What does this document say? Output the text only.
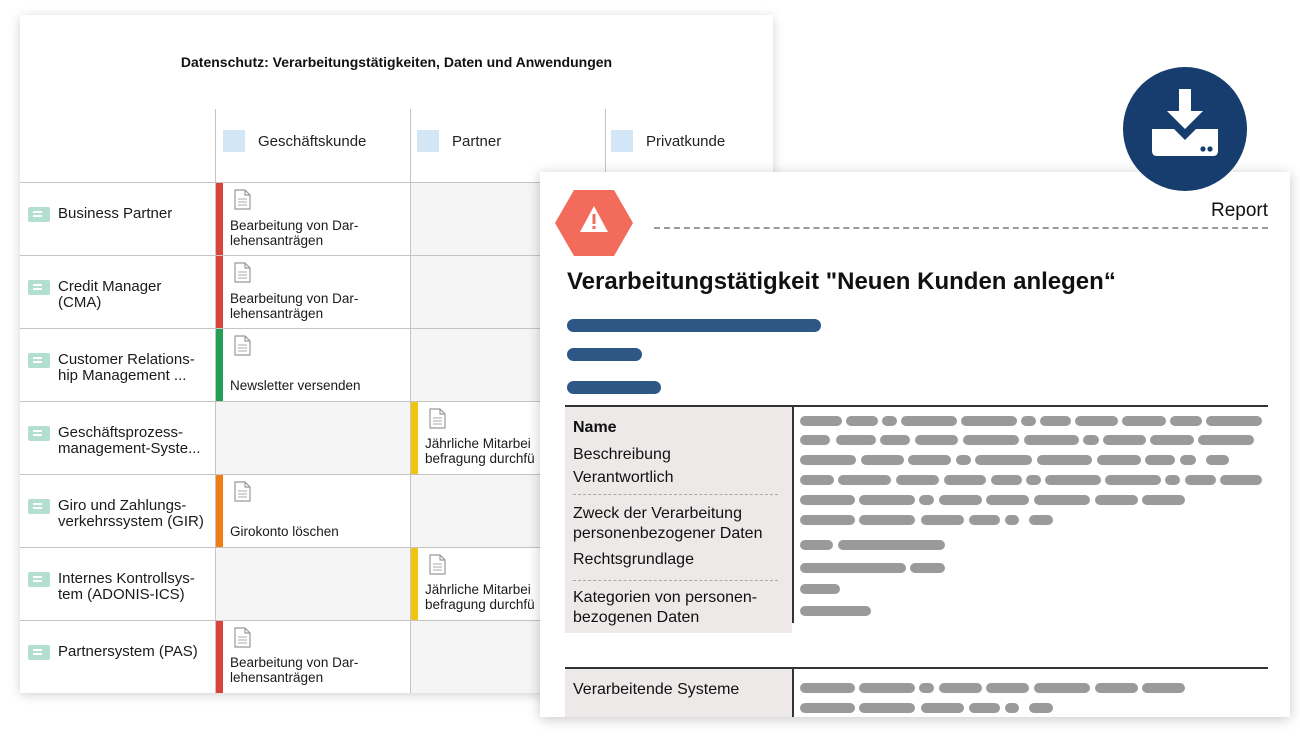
Datenschutz: Verarbeitungstätigkeiten, Daten und Anwendungen
Geschäftskunde	Partner	Privatkunde
Business Partner
Credit Manager
(CMA)
Customer Relations-
hip Management ...
Geschäftsprozess-
management-Syste...
Giro und Zahlungs-
verkehrssystem (GIR)
Internes Kontrollsys-
tem (ADONIS-ICS)
Partnersystem (PAS)
Bearbeitung von Dar-
lehensanträgen
Bearbeitung von Dar-
lehensanträgen
Newsletter versenden
Jährliche Mitarbei
befragung durchfü
Girokonto löschen
Jährliche Mitarbei
befragung durchfü
Bearbeitung von Dar-
lehensanträgen
Report
Verarbeitungstätigkeit "Neuen Kunden anlegen“
Name
Beschreibung
Verantwortlich
Zweck der Verarbeitung
personenbezogener Daten
Rechtsgrundlage
Kategorien von personen-
bezogenen Daten
Verarbeitende Systeme
